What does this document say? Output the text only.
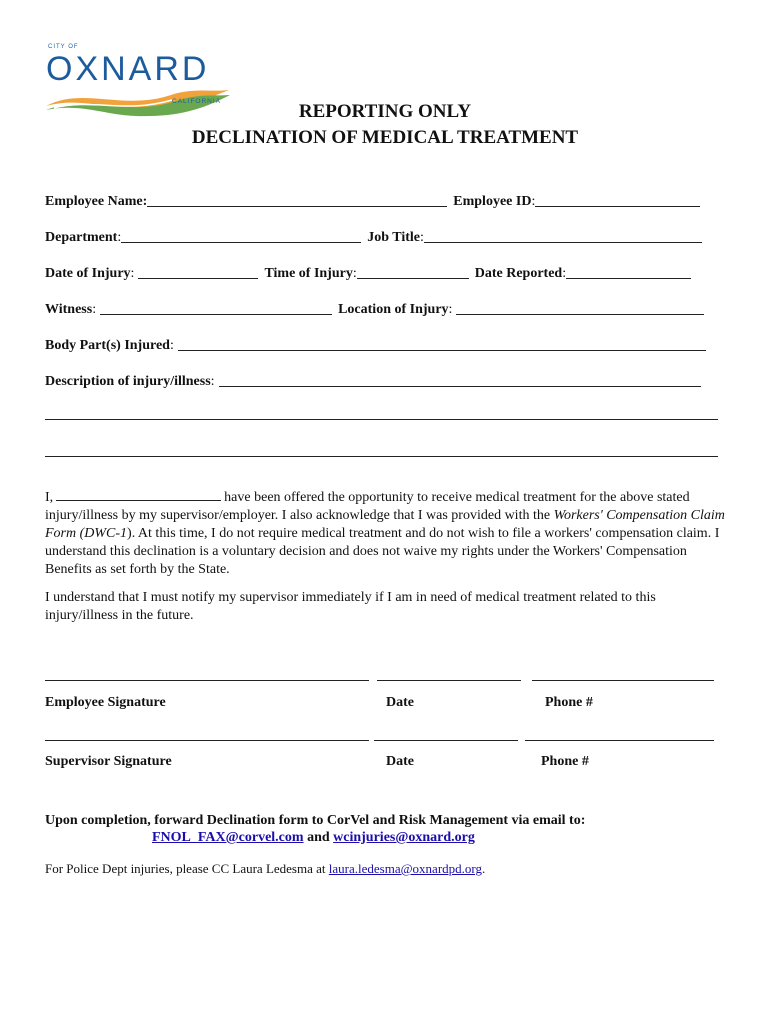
CITY OF
OXNARD
CALIFORNIA	REPORTING ONLY
DECLINATION OF MEDICAL TREATMENT
Employee Name:	Employee ID :
Department :	Job Title :
Date of Injury :	Time of Injury :	Date Reported :
Witness :	Location of Injury :
Body Part(s) Injured :
Description of injury/illness :
I,	have been offered the opportunity to receive medical treatment for the above stated injury/illness by my supervisor/employer. I also acknowledge that I was provided with the Workers' Compensation Claim Form (DWC-1). At this time, I do not require medical treatment and do not wish to file a workers' compensation claim. I understand this declination is a voluntary decision and does not waive my rights under the Workers' Compensation Benefits as set forth by the State.
I understand that I must notify my supervisor immediately if I am in need of medical treatment related to this injury/illness in the future.
Employee Signature	Date	Phone #
Supervisor Signature	Date	Phone #
Upon completion, forward Declination form to CorVel and Risk Management via email to:
FNOL_FAX@corvel.com and wcinjuries@oxnard.org
For Police Dept injuries, please CC Laura Ledesma at laura.ledesma@oxnardpd.org.
